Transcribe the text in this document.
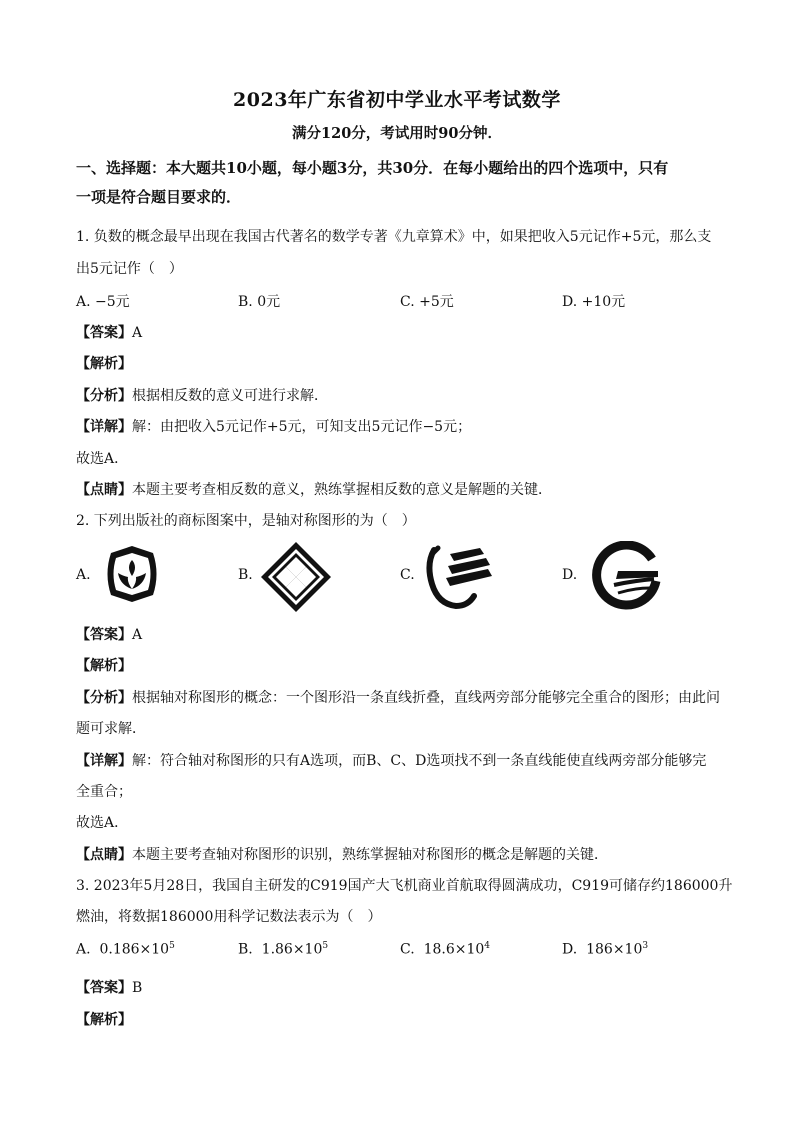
2023年广东省初中学业水平考试数学
满分120分，考试用时90分钟．
一、选择题：本大题共10小题，每小题3分，共30分．在每小题给出的四个选项中，只有
一项是符合题目要求的．
1. 负数的概念最早出现在我国古代著名的数学专著《九章算术》中，如果把收入5元记作+5元，那么支
出5元记作（　）
A. −5元	B. 0元	C. +5元	D. +10元
【答案】A
【解析】
【分析】根据相反数的意义可进行求解．
【详解】解：由把收入5元记作+5元，可知支出5元记作−5元；
故选A．
【点睛】本题主要考查相反数的意义，熟练掌握相反数的意义是解题的关键．
2. 下列出版社的商标图案中，是轴对称图形的为（　）
A.	B.	C.	D.
【答案】A
【解析】
【分析】根据轴对称图形的概念：一个图形沿一条直线折叠，直线两旁部分能够完全重合的图形；由此问
题可求解．
【详解】解：符合轴对称图形的只有A选项，而B、C、D选项找不到一条直线能使直线两旁部分能够完
全重合；
故选A．
【点睛】本题主要考查轴对称图形的识别，熟练掌握轴对称图形的概念是解题的关键．
3. 2023年5月28日，我国自主研发的C919国产大飞机商业首航取得圆满成功，C919可储存约186000升
燃油，将数据186000用科学记数法表示为（　）
A. $0.186\times 10^5$	B. $1.86\times 10^5$	C. $18.6\times 10^4$	D. $186\times 10^3$
【答案】B
【解析】
